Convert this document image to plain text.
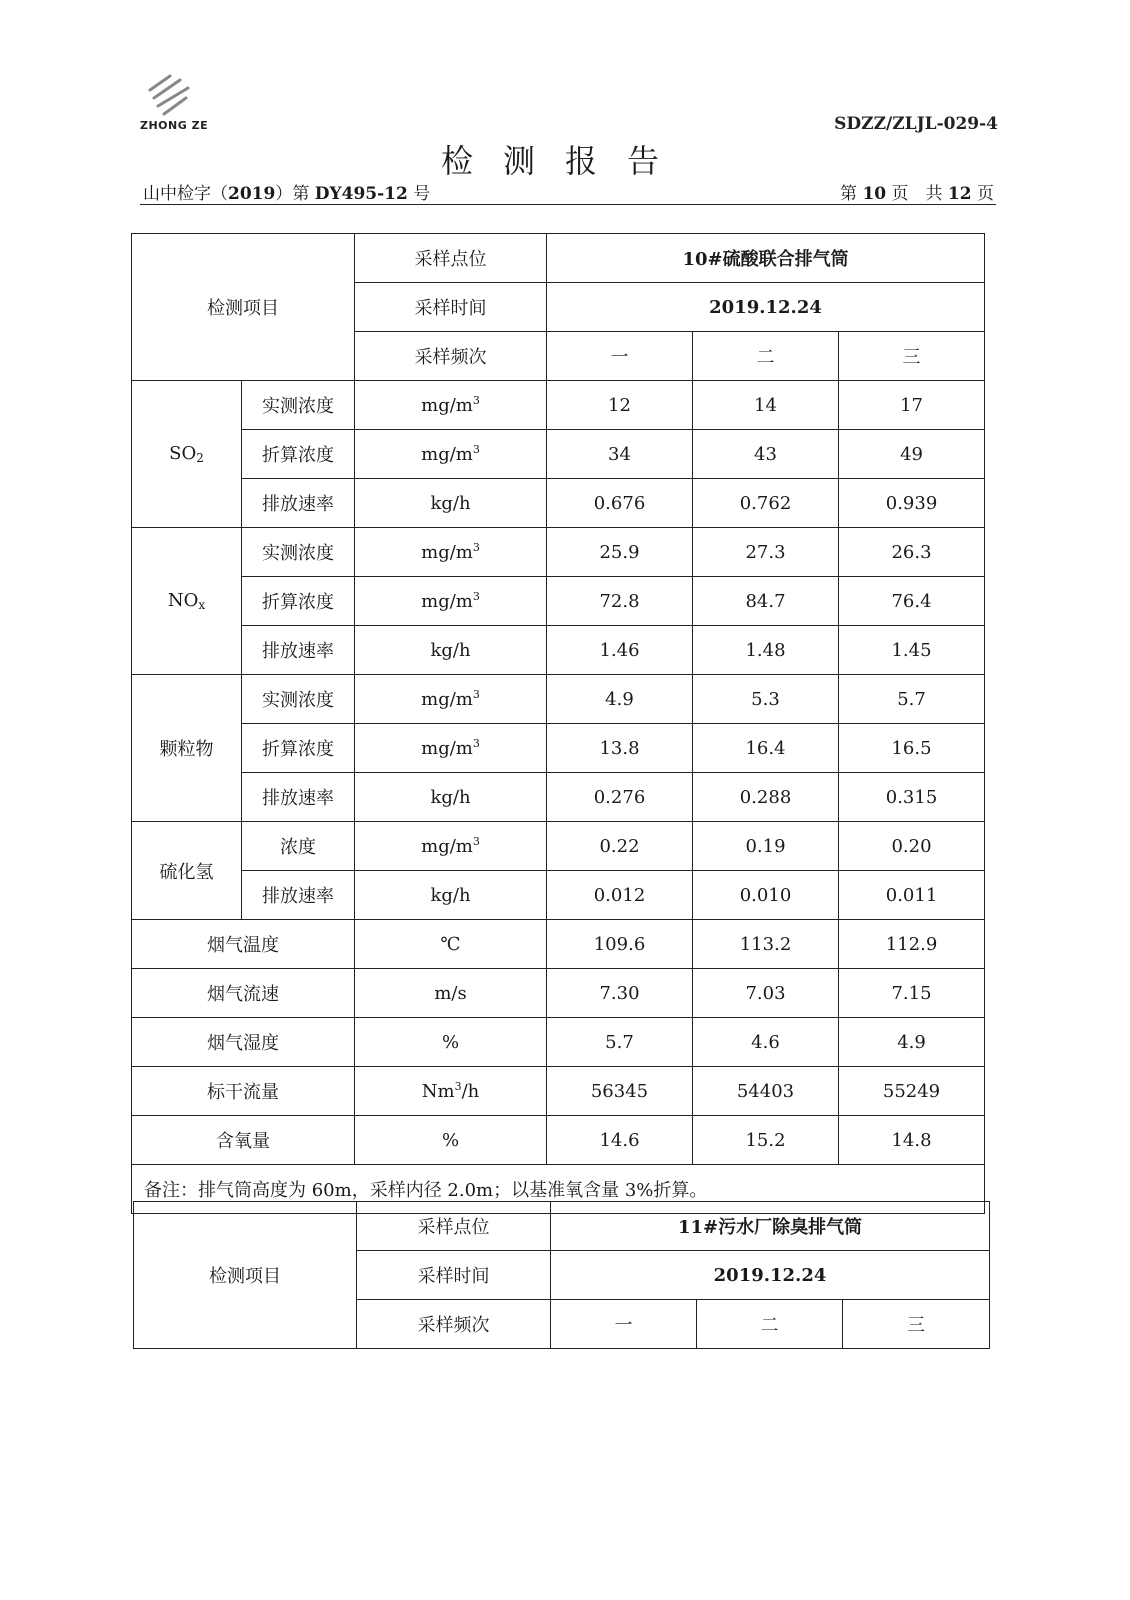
ZHONG ZE	SDZZ/ZLJL-029-4
检测报告
山中检字（2019）第 DY495-12 号	第 10 页　共 12 页
检测项目		采样点位	10#硫酸联合排气筒		
		采样时间	2019.12.24		
		采样频次	一	二	三
$SO_2$	实测浓度	$mg/m^3$	12	14	17
	折算浓度	$mg/m^3$	34	43	49
	排放速率	kg/h	0.676	0.762	0.939
$NO_x$	实测浓度	$mg/m^3$	25.9	27.3	26.3
	折算浓度	$mg/m^3$	72.8	84.7	76.4
	排放速率	kg/h	1.46	1.48	1.45
颗粒物	实测浓度	$mg/m^3$	4.9	5.3	5.7
	折算浓度	$mg/m^3$	13.8	16.4	16.5
	排放速率	kg/h	0.276	0.288	0.315
硫化氢	浓度	$mg/m^3$	0.22	0.19	0.20
	排放速率	kg/h	0.012	0.010	0.011
烟气温度		℃	109.6	113.2	112.9
烟气流速		m/s	7.30	7.03	7.15
烟气湿度		%	5.7	4.6	4.9
标干流量		Nm$^3$/h	56345	54403	55249
含氧量		%	14.6	15.2	14.8
备注：排气筒高度为 60m，采样内径 2.0m；以基准氧含量 3%折算。					
检测项目	采样点位	11#污水厂除臭排气筒		
	采样时间	2019.12.24		
	采样频次	一	二	三
